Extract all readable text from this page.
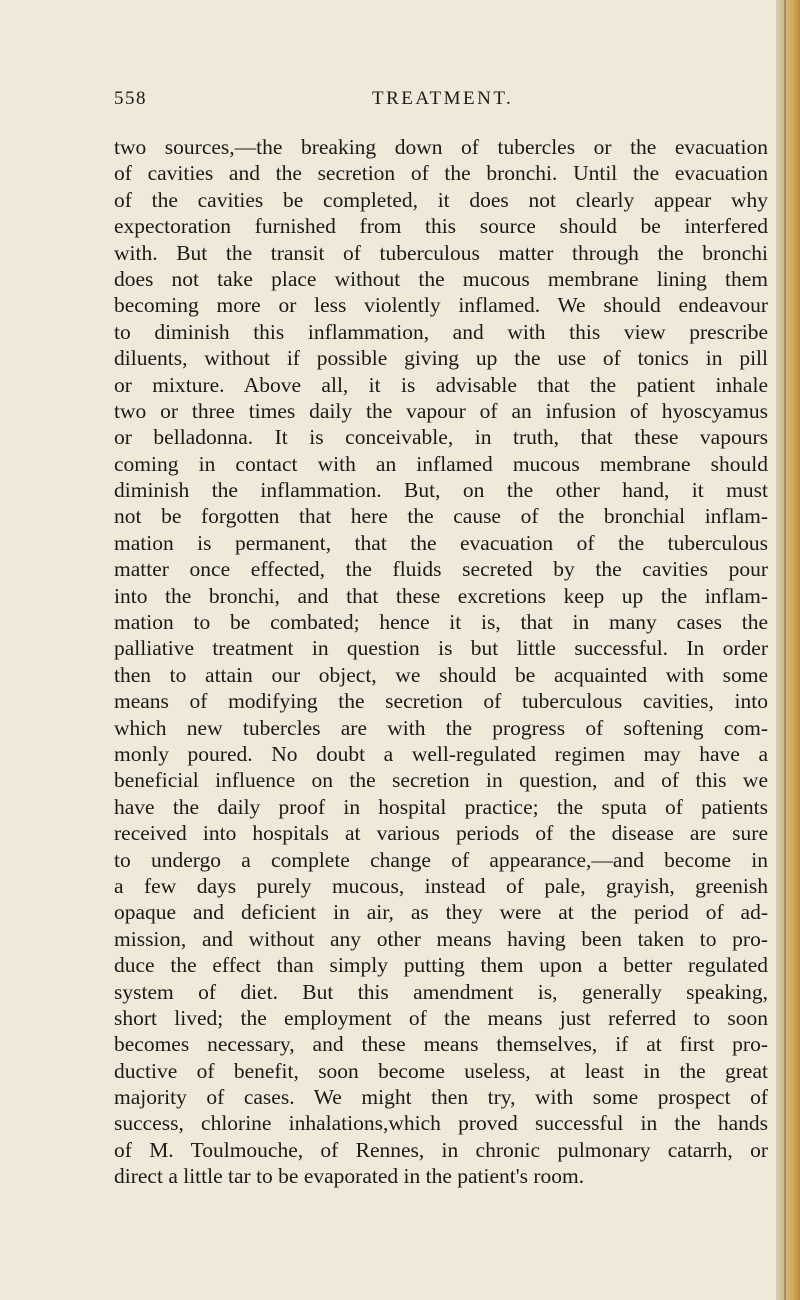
558	TREATMENT.
two sources,—the breaking down of tubercles or the evacuation
of cavities and the secretion of the bronchi. Until the evacuation
of the cavities be completed, it does not clearly appear why
expectoration furnished from this source should be interfered
with. But the transit of tuberculous matter through the bronchi
does not take place without the mucous membrane lining them
becoming more or less violently inflamed. We should endeavour
to diminish this inflammation, and with this view prescribe
diluents, without if possible giving up the use of tonics in pill
or mixture. Above all, it is advisable that the patient inhale
two or three times daily the vapour of an infusion of hyoscyamus
or belladonna. It is conceivable, in truth, that these vapours
coming in contact with an inflamed mucous membrane should
diminish the inflammation. But, on the other hand, it must
not be forgotten that here the cause of the bronchial inflam-
mation is permanent, that the evacuation of the tuberculous
matter once effected, the fluids secreted by the cavities pour
into the bronchi, and that these excretions keep up the inflam-
mation to be combated; hence it is, that in many cases the
palliative treatment in question is but little successful. In order
then to attain our object, we should be acquainted with some
means of modifying the secretion of tuberculous cavities, into
which new tubercles are with the progress of softening com-
monly poured. No doubt a well-regulated regimen may have a
beneficial influence on the secretion in question, and of this we
have the daily proof in hospital practice; the sputa of patients
received into hospitals at various periods of the disease are sure
to undergo a complete change of appearance,—and become in
a few days purely mucous, instead of pale, grayish, greenish
opaque and deficient in air, as they were at the period of ad-
mission, and without any other means having been taken to pro-
duce the effect than simply putting them upon a better regulated
system of diet. But this amendment is, generally speaking,
short lived; the employment of the means just referred to soon
becomes necessary, and these means themselves, if at first pro-
ductive of benefit, soon become useless, at least in the great
majority of cases. We might then try, with some prospect of
success, chlorine inhalations,which proved successful in the hands
of M. Toulmouche, of Rennes, in chronic pulmonary catarrh, or
direct a little tar to be evaporated in the patient's room.
